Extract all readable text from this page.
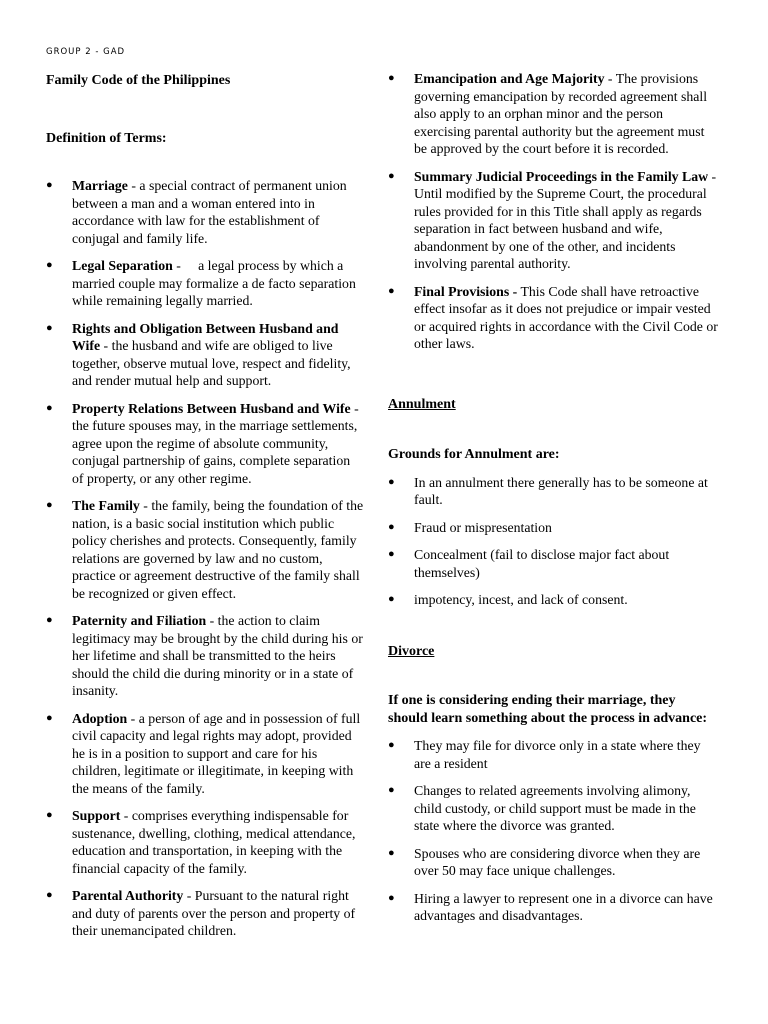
GROUP 2 - GAD
Family Code of the Philippines
Definition of Terms:
● Marriage - a special contract of permanent union between a man and a woman entered into in accordance with law for the establishment of conjugal and family life.
● Legal Separation -     a legal process by which a married couple may formalize a de facto separation while remaining legally married.
● Rights and Obligation Between Husband and Wife - the husband and wife are obliged to live together, observe mutual love, respect and fidelity, and render mutual help and support.
● Property Relations Between Husband and Wife - the future spouses may, in the marriage settlements, agree upon the regime of absolute community, conjugal partnership of gains, complete separation of property, or any other regime.
● The Family - the family, being the foundation of the nation, is a basic social institution which public policy cherishes and protects. Consequently, family relations are governed by law and no custom, practice or agreement destructive of the family shall be recognized or given effect.
● Paternity and Filiation - the action to claim legitimacy may be brought by the child during his or her lifetime and shall be transmitted to the heirs should the child die during minority or in a state of insanity.
● Adoption - a person of age and in possession of full civil capacity and legal rights may adopt, provided he is in a position to support and care for his children, legitimate or illegitimate, in keeping with the means of the family.
● Support - comprises everything indispensable for sustenance, dwelling, clothing, medical attendance, education and transportation, in keeping with the financial capacity of the family.
● Parental Authority - Pursuant to the natural right and duty of parents over the person and property of their unemancipated children.
● Emancipation and Age Majority - The provisions governing emancipation by recorded agreement shall also apply to an orphan minor and the person exercising parental authority but the agreement must be approved by the court before it is recorded.
● Summary Judicial Proceedings in the Family Law - Until modified by the Supreme Court, the procedural rules provided for in this Title shall apply as regards separation in fact between husband and wife, abandonment by one of the other, and incidents involving parental authority.
● Final Provisions - This Code shall have retroactive effect insofar as it does not prejudice or impair vested or acquired rights in accordance with the Civil Code or other laws.
Annulment
Grounds for Annulment are:
● In an annulment there generally has to be someone at fault.
● Fraud or mispresentation
● Concealment (fail to disclose major fact about themselves)
● impotency, incest, and lack of consent.
Divorce
If one is considering ending their marriage, they should learn something about the process in advance:
● They may file for divorce only in a state where they are a resident
● Changes to related agreements involving alimony, child custody, or child support must be made in the state where the divorce was granted.
● Spouses who are considering divorce when they are over 50 may face unique challenges.
● Hiring a lawyer to represent one in a divorce can have advantages and disadvantages.
